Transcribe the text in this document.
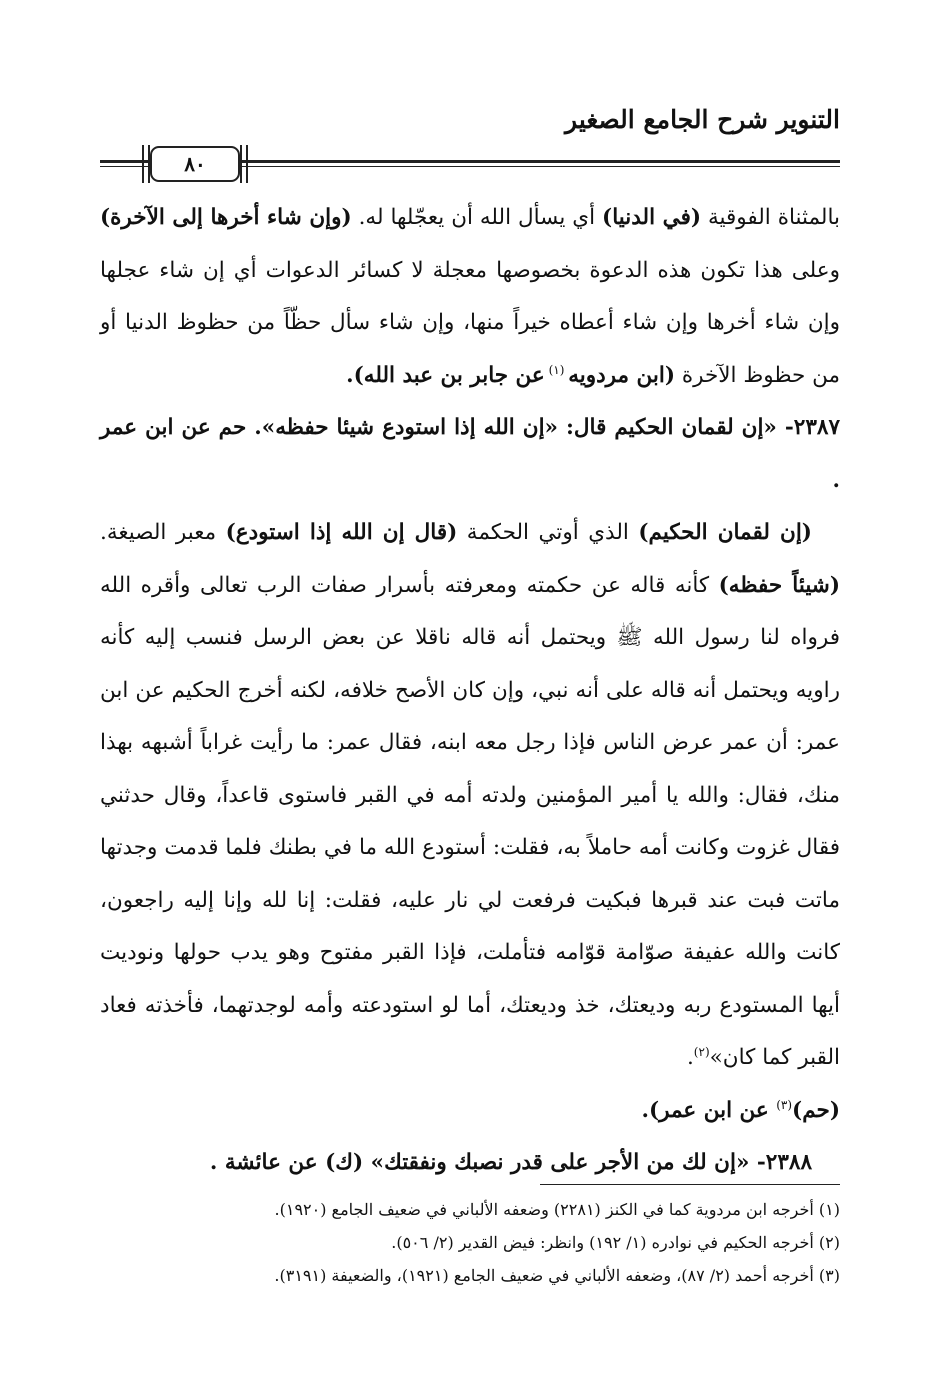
التنوير شرح الجامع الصغير
٨٠

بالمثناة الفوقية (في الدنيا) أي يسأل الله أن يعجّلها له. (وإن شاء أخرها إلى الآخرة) وعلى هذا تكون هذه الدعوة بخصوصها معجلة لا كسائر الدعوات أي إن شاء عجلها وإن شاء أخرها وإن شاء أعطاه خيراً منها، وإن شاء سأل حظّاً من حظوظ الدنيا أو من حظوظ الآخرة (ابن مردويه $^{(١)}$ عن جابر بن عبد الله).

٢٣٨٧- «إن لقمان الحكيم قال: «إن الله إذا استودع شيئا حفظه». حم عن ابن عمر .

(إن لقمان الحكيم) الذي أوتي الحكمة (قال إن الله إذا استودع) معبر الصيغة. (شيئاً حفظه) كأنه قاله عن حكمته ومعرفته بأسرار صفات الرب تعالى وأقره الله فرواه لنا رسول الله ﷺ ويحتمل أنه قاله ناقلا عن بعض الرسل فنسب إليه كأنه راويه ويحتمل أنه قاله على أنه نبي، وإن كان الأصح خلافه، لكنه أخرج الحكيم عن ابن عمر: أن عمر عرض الناس فإذا رجل معه ابنه، فقال عمر: ما رأيت غراباً أشبهه بهذا منك، فقال: والله يا أمير المؤمنين ولدته أمه في القبر فاستوى قاعداً، وقال حدثني فقال غزوت وكانت أمه حاملاً به، فقلت: أستودع الله ما في بطنك فلما قدمت وجدتها ماتت فبت عند قبرها فبكيت فرفعت لي نار عليه، فقلت: إنا لله وإنا إليه راجعون، كانت والله عفيفة صوّامة قوّامه فتأملت، فإذا القبر مفتوح وهو يدب حولها ونوديت أيها المستودع ربه وديعتك، خذ وديعتك، أما لو استودعته وأمه لوجدتهما، فأخذته فعاد القبر كما كان»$^{(٢)}$.

(حم)$^{(٣)}$ عن ابن عمر).

٢٣٨٨- «إن لك من الأجر على قدر نصبك ونفقتك» (ك) عن عائشة .

(١) أخرجه ابن مردوية كما في الكنز (٢٢٨١) وضعفه الألباني في ضعيف الجامع (١٩٢٠).

(٢) أخرجه الحكيم في نوادره (١/ ١٩٢) وانظر: فيض القدير (٢/ ٥٠٦).

(٣) أخرجه أحمد (٢/ ٨٧)، وضعفه الألباني في ضعيف الجامع (١٩٢١)، والضعيفة (٣١٩١).
